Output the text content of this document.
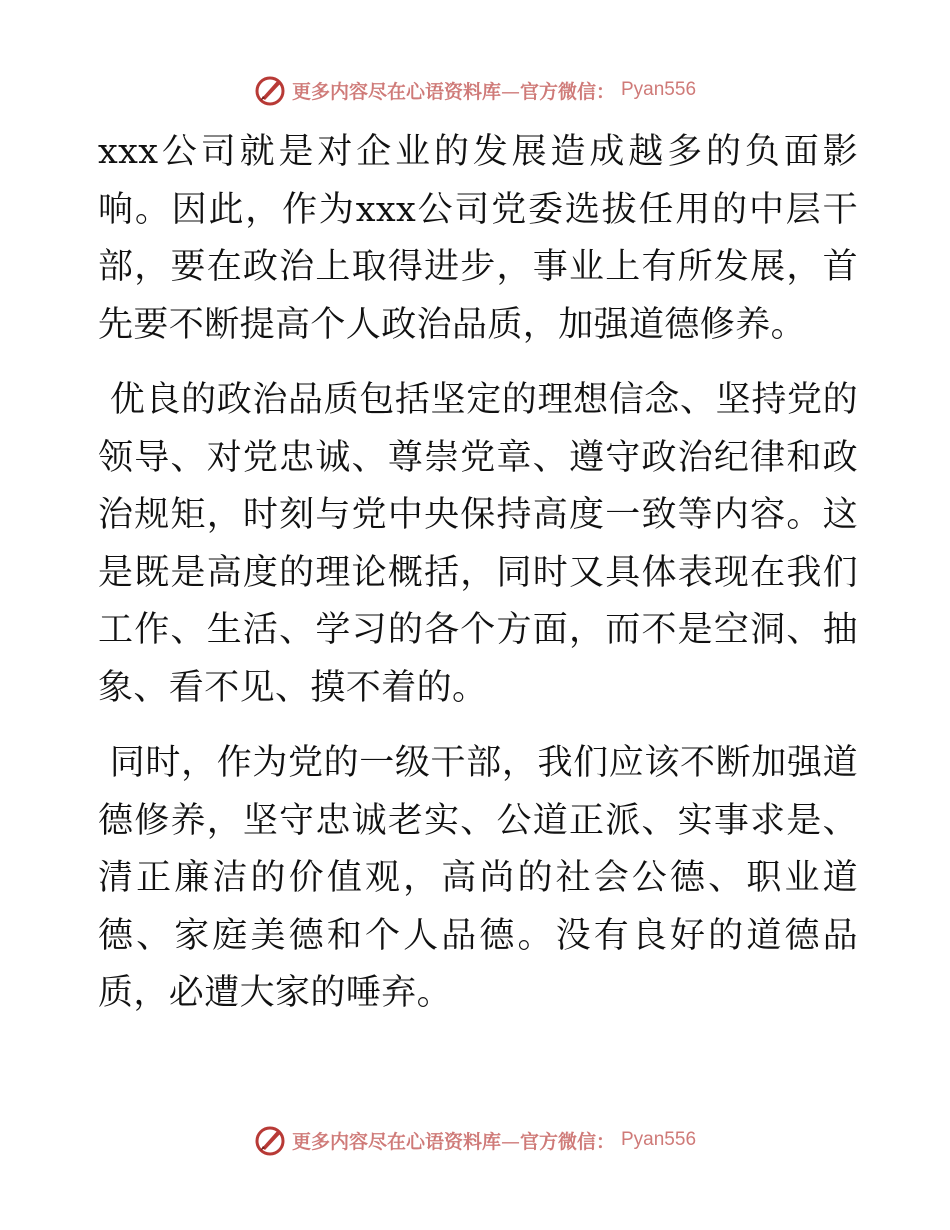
更多内容尽在心语资料库—官方微信： Pyan556

xxx公司就是对企业的发展造成越多的负面影响。因此，作为xxx公司党委选拔任用的中层干部，要在政治上取得进步，事业上有所发展，首先要不断提高个人政治品质，加强道德修养。

优良的政治品质包括坚定的理想信念、坚持党的领导、对党忠诚、尊崇党章、遵守政治纪律和政治规矩，时刻与党中央保持高度一致等内容。这是既是高度的理论概括，同时又具体表现在我们工作、生活、学习的各个方面，而不是空洞、抽象、看不见、摸不着的。

同时，作为党的一级干部，我们应该不断加强道德修养，坚守忠诚老实、公道正派、实事求是、清正廉洁的价值观，高尚的社会公德、职业道德、家庭美德和个人品德。没有良好的道德品质，必遭大家的唾弃。

更多内容尽在心语资料库—官方微信： Pyan556
